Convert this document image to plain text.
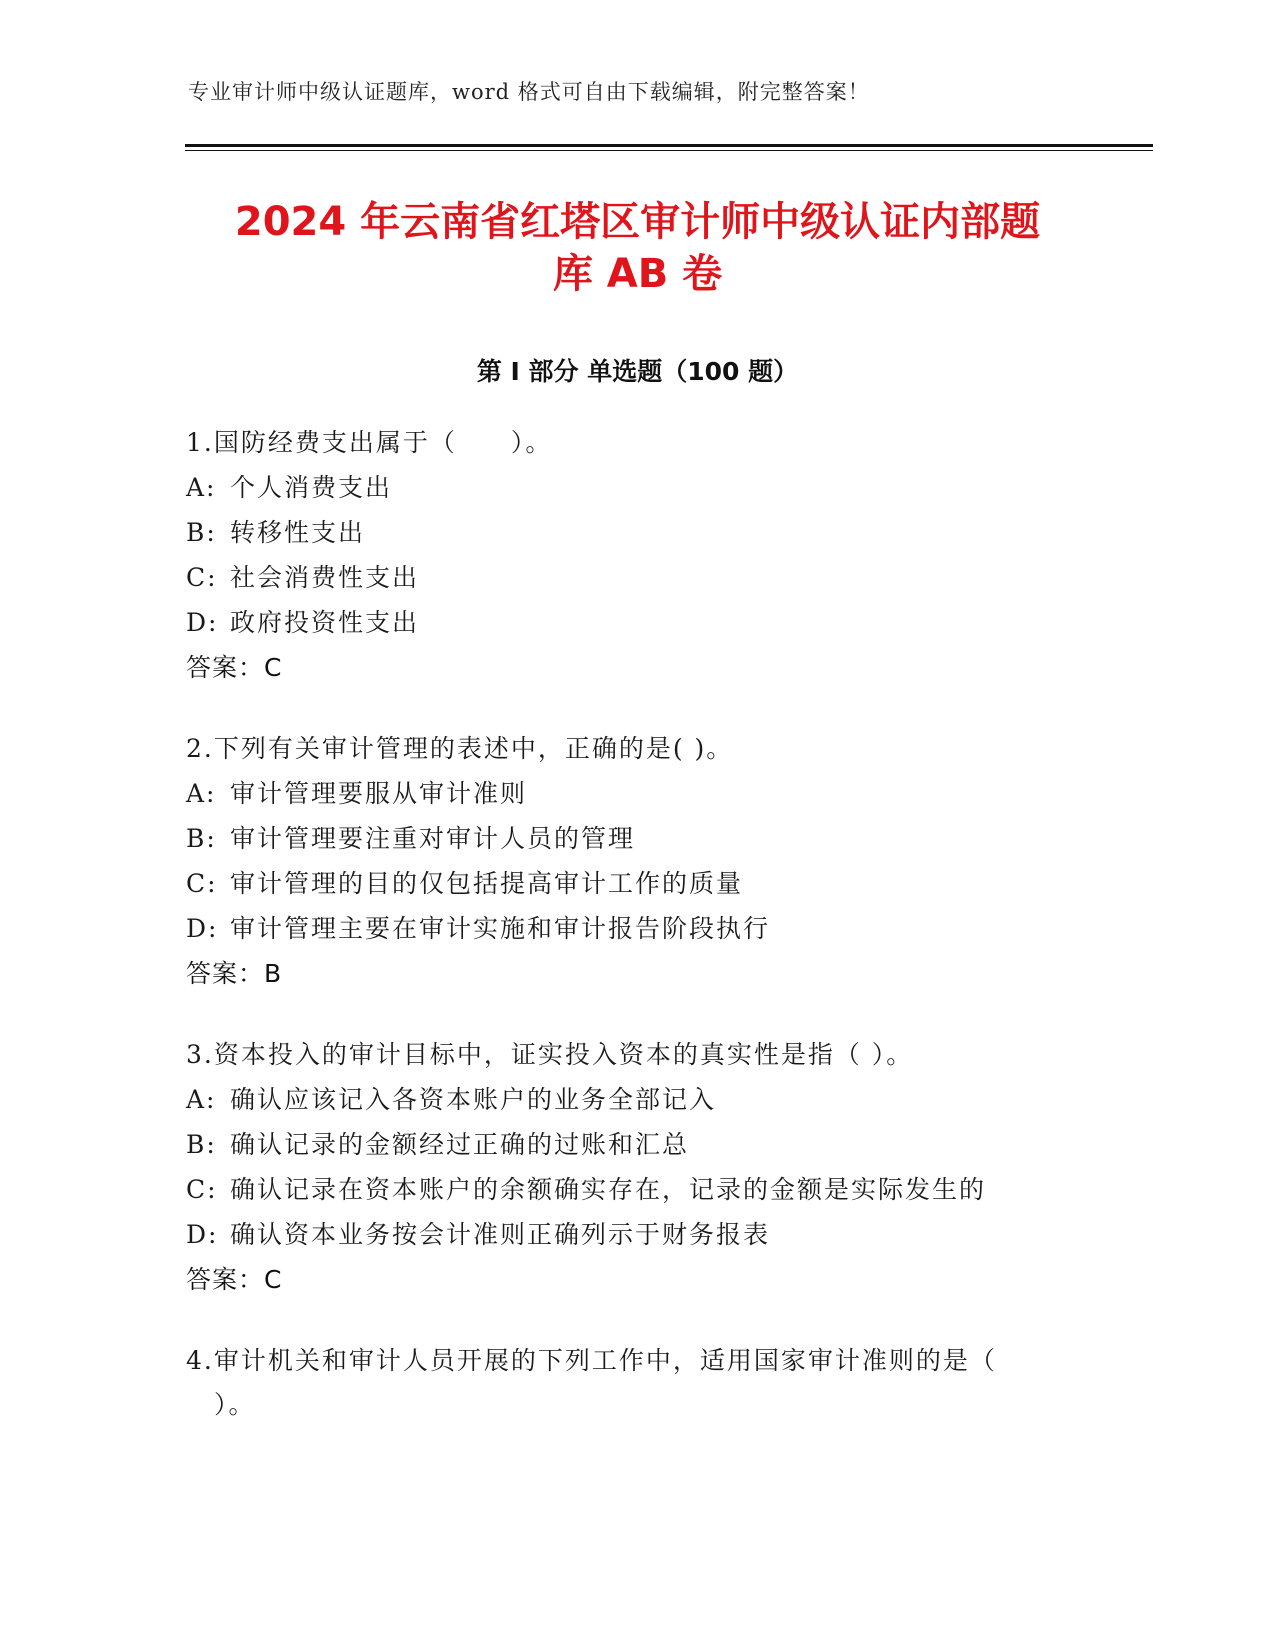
专业审计师中级认证题库，word 格式可自由下载编辑，附完整答案！
2024 年云南省红塔区审计师中级认证内部题
库 AB 卷
第 I 部分 单选题（100 题）
1.国防经费支出属于（　　）。
A: 个人消费支出
B: 转移性支出
C: 社会消费性支出
D: 政府投资性支出
答案：C
2.下列有关审计管理的表述中，正确的是( )。
A: 审计管理要服从审计准则
B: 审计管理要注重对审计人员的管理
C: 审计管理的目的仅包括提高审计工作的质量
D: 审计管理主要在审计实施和审计报告阶段执行
答案：B
3.资本投入的审计目标中，证实投入资本的真实性是指（ ）。
A: 确认应该记入各资本账户的业务全部记入
B: 确认记录的金额经过正确的过账和汇总
C: 确认记录在资本账户的余额确实存在，记录的金额是实际发生的
D: 确认资本业务按会计准则正确列示于财务报表
答案：C
4.审计机关和审计人员开展的下列工作中，适用国家审计准则的是（
）。
